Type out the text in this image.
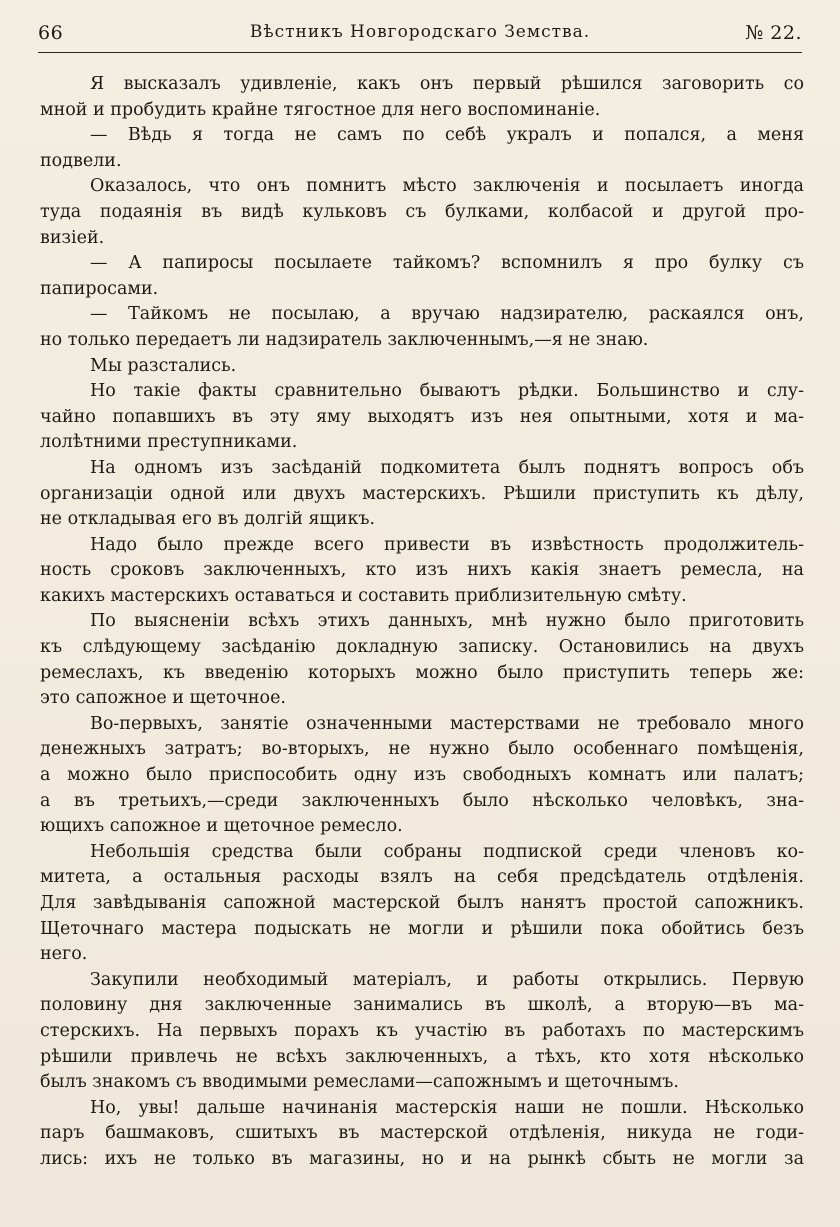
66	Вѣстникъ Новгородскаго Земства.	№ 22.

Я высказалъ удивленіе, какъ онъ первый рѣшился заговорить со
мной и пробудить крайне тягостное для него воспоминаніе.

— Вѣдь я тогда не самъ по себѣ укралъ и попался, а меня
подвели.

Оказалось, что онъ помнитъ мѣсто заключенія и посылаетъ иногда
туда подаянія въ видѣ кульковъ съ булками, колбасой и другой про-
визіей.

— А папиросы посылаете тайкомъ? вспомнилъ я про булку съ
папиросами.

— Тайкомъ не посылаю, а вручаю надзирателю, раскаялся онъ,
но только передаетъ ли надзиратель заключеннымъ,—я не знаю.

Мы разстались.

Но такіе факты сравнительно бываютъ рѣдки. Большинство и слу-
чайно попавшихъ въ эту яму выходятъ изъ нея опытными, хотя и ма-
лолѣтними преступниками.

На одномъ изъ засѣданій подкомитета былъ поднятъ вопросъ объ
организаціи одной или двухъ мастерскихъ. Рѣшили приступить къ дѣлу,
не откладывая его въ долгій ящикъ.

Надо было прежде всего привести въ извѣстность продолжитель-
ность сроковъ заключенныхъ, кто изъ нихъ какія знаетъ ремесла, на
какихъ мастерскихъ оставаться и составить приблизительную смѣту.

По выясненіи всѣхъ этихъ данныхъ, мнѣ нужно было приготовить
къ слѣдующему засѣданію докладную записку. Остановились на двухъ
ремеслахъ, къ введенію которыхъ можно было приступить теперь же:
это сапожное и щеточное.

Во-первыхъ, занятіе означенными мастерствами не требовало много
денежныхъ затратъ; во-вторыхъ, не нужно было особеннаго помѣщенія,
а можно было приспособить одну изъ свободныхъ комнатъ или палатъ;
а въ третьихъ,—среди заключенныхъ было нѣсколько человѣкъ, зна-
ющихъ сапожное и щеточное ремесло.

Небольшія средства были собраны подпиской среди членовъ ко-
митета, а остальныя расходы взялъ на себя предсѣдатель отдѣленія.
Для завѣдыванія сапожной мастерской былъ нанятъ простой сапожникъ.
Щеточнаго мастера подыскать не могли и рѣшили пока обойтись безъ
него.

Закупили необходимый матеріалъ, и работы открылись. Первую
половину дня заключенные занимались въ школѣ, а вторую—въ ма-
стерскихъ. На первыхъ порахъ къ участію въ работахъ по мастерскимъ
рѣшили привлечь не всѣхъ заключенныхъ, а тѣхъ, кто хотя нѣсколько
былъ знакомъ съ вводимыми ремеслами—сапожнымъ и щеточнымъ.

Но, увы! дальше начинанія мастерскія наши не пошли. Нѣсколько
паръ башмаковъ, сшитыхъ въ мастерской отдѣленія, никуда не годи-
лись: ихъ не только въ магазины, но и на рынкѣ сбыть не могли за
